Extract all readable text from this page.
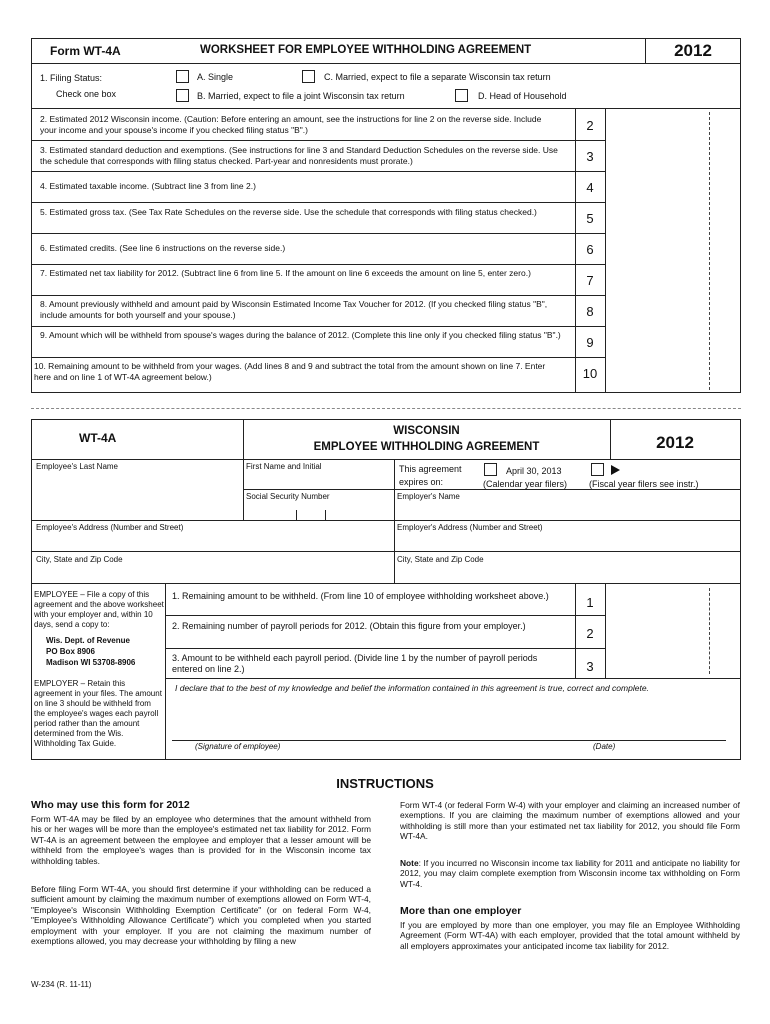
Form WT-4A	WORKSHEET FOR EMPLOYEE WITHHOLDING AGREEMENT	2012
1. Filing Status:
Check one box
A. Single	C. Married, expect to file a separate Wisconsin tax return
B. Married, expect to file a joint Wisconsin tax return	D. Head of Household
2. Estimated 2012 Wisconsin income. (Caution: Before entering an amount, see the instructions for line 2 on the reverse side. Include your income and your spouse's income if you checked filing status "B".)	2
3. Estimated standard deduction and exemptions. (See instructions for line 3 and Standard Deduction Schedules on the reverse side. Use the schedule that corresponds with filing status checked. Part-year and nonresidents must prorate.)	3
4. Estimated taxable income. (Subtract line 3 from line 2.)	4
5. Estimated gross tax. (See Tax Rate Schedules on the reverse side. Use the schedule that corresponds with filing status checked.)	5
6. Estimated credits. (See line 6 instructions on the reverse side.)	6
7. Estimated net tax liability for 2012. (Subtract line 6 from line 5. If the amount on line 6 exceeds the amount on line 5, enter zero.)	7
8. Amount previously withheld and amount paid by Wisconsin Estimated Income Tax Voucher for 2012. (If you checked filing status "B", include amounts for both yourself and your spouse.)	8
9. Amount which will be withheld from spouse's wages during the balance of 2012. (Complete this line only if you checked filing status "B".)	9
10. Remaining amount to be withheld from your wages. (Add lines 8 and 9 and subtract the total from the amount shown on line 7. Enter here and on line 1 of WT-4A agreement below.)	10
WT-4A	WISCONSIN
EMPLOYEE WITHHOLDING AGREEMENT	2012
Employee's Last Name	First Name and Initial	This agreement
expires on:
April 30, 2013
(Calendar year filers) (Fiscal year filers see instr.)
Social Security Number	Employer's Name
Employee's Address (Number and Street)	Employer's Address (Number and Street)
City, State and Zip Code	City, State and Zip Code
EMPLOYEE – File a copy of this agreement and the above worksheet with your employer and, within 10 days, send a copy to:
Wis. Dept. of Revenue
PO Box 8906
Madison WI 53708-8906
EMPLOYER – Retain this agreement in your files. The amount on line 3 should be withheld from the employee's wages each payroll period rather than the amount determined from the Wis. Withholding Tax Guide.
1. Remaining amount to be withheld. (From line 10 of employee withholding worksheet above.)	1
2. Remaining number of payroll periods for 2012. (Obtain this figure from your employer.)	2
3. Amount to be withheld each payroll period. (Divide line 1 by the number of payroll periods entered on line 2.)	3
I declare that to the best of my knowledge and belief the information contained in this agreement is true, correct and complete.
(Signature of employee)	(Date)
INSTRUCTIONS
Who may use this form for 2012
Form WT-4A may be filed by an employee who determines that the amount withheld from his or her wages will be more than the employee's estimated net tax liability for 2012. Form WT-4A is an agreement between the employee and employer that a lesser amount will be withheld from the employee's wages than is provided for in the Wisconsin income tax withholding tables.
Before filing Form WT-4A, you should first determine if your withholding can be reduced a sufficient amount by claiming the maximum number of exemptions allowed on Form WT-4, "Employee's Wisconsin Withholding Exemption Certificate" (or on federal Form W-4, "Employee's Withholding Allowance Certificate") which you completed when you started employment with your employer. If you are not claiming the maximum number of exemptions allowed, you may decrease your withholding by filing a new
Form WT-4 (or federal Form W-4) with your employer and claiming an increased number of exemptions. If you are claiming the maximum number of exemptions allowed and your withholding is still more than your estimated net tax liability for 2012, you should file Form WT-4A.
Note: If you incurred no Wisconsin income tax liability for 2011 and anticipate no liability for 2012, you may claim complete exemption from Wisconsin income tax withholding on Form WT-4.
More than one employer
If you are employed by more than one employer, you may file an Employee Withholding Agreement (Form WT-4A) with each employer, provided that the total amount withheld by all employers approximates your anticipated income tax liability for 2012.
W-234 (R. 11-11)
